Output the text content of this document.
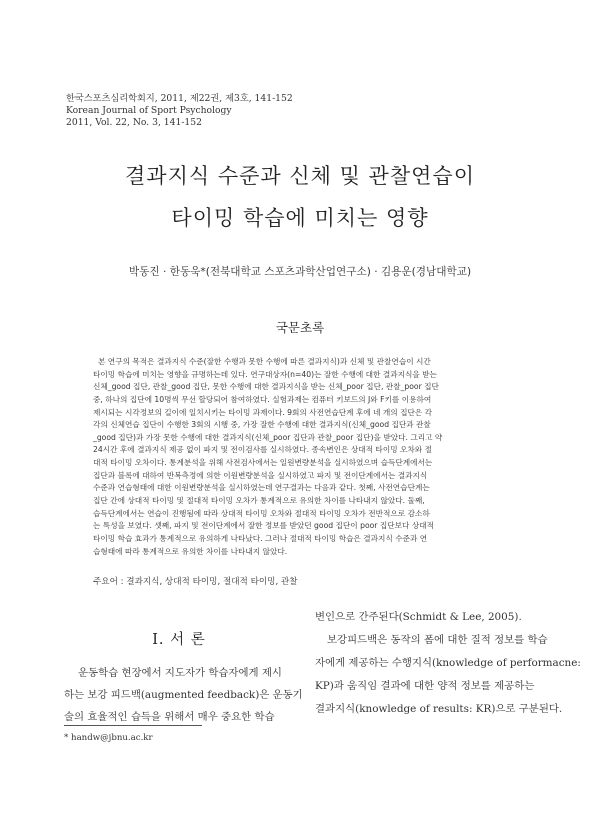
한국스포츠심리학회지, 2011, 제22권, 제3호, 141-152
Korean Journal of Sport Psychology
2011, Vol. 22, No. 3, 141-152
결과지식 수준과 신체 및 관찰연습이
타이밍 학습에 미치는 영향
박동진 · 한동욱*(전북대학교 스포츠과학산업연구소) · 김용운(경남대학교)
국문초록
본 연구의 목적은 결과지식 수준(잘한 수행과 못한 수행에 따른 결과지식)과 신체 및 관찰연습이 시간
타이밍 학습에 미치는 영향을 규명하는데 있다. 연구대상자(n=40)는 잘한 수행에 대한 결과지식을 받는
신체_good 집단, 관찰_good 집단, 못한 수행에 대한 결과지식을 받는 신체_poor 집단, 관찰_poor 집단
중, 하나의 집단에 10명씩 무선 할당되어 참여하였다. 실험과제는 컴퓨터 키보드의 J와 F키를 이용하여
제시되는 시각정보의 길이에 일치시키는 타이밍 과제이다. 9회의 사전연습단계 후에 네 개의 집단은 각
각의 신체연습 집단이 수행한 3회의 시행 중, 가장 잘한 수행에 대한 결과지식(신체_good 집단과 관찰
_good 집단)과 가장 못한 수행에 대한 결과지식(신체_poor 집단과 관찰_poor 집단)을 받았다. 그리고 약
24시간 후에 결과지식 제공 없이 파지 및 전이검사를 실시하였다. 종속변인은 상대적 타이밍 오차와 절
대적 타이밍 오차이다. 통계분석을 위해 사전검사에서는 일원변량분석을 실시하였으며 습득단계에서는
집단과 블록에 대하여 반복측정에 의한 이원변량분석을 실시하였고 파지 및 전이단계에서는 결과지식
수준과 연습형태에 대한 이원변량분석을 실시하였는데 연구결과는 다음과 같다. 첫째, 사전연습단계는
집단 간에 상대적 타이밍 및 절대적 타이밍 오차가 통계적으로 유의한 차이를 나타내지 않았다. 둘째,
습득단계에서는 연습이 진행됨에 따라 상대적 타이밍 오차와 절대적 타이밍 오차가 전반적으로 감소하
는 특성을 보였다. 셋째, 파지 및 전이단계에서 잘한 정보를 받았던 good 집단이 poor 집단보다 상대적
타이밍 학습 효과가 통계적으로 유의하게 나타났다. 그러나 절대적 타이밍 학습은 결과지식 수준과 연
습형태에 따라 통계적으로 유의한 차이를 나타내지 않았다.
주요어 : 결과지식, 상대적 타이밍, 절대적 타이밍, 관찰
I. 서 론
운동학습 현장에서 지도자가 학습자에게 제시
하는 보강 피드백(augmented feedback)은 운동기
술의 효율적인 습득을 위해서 매우 중요한 학습
변인으로 간주된다(Schmidt & Lee, 2005).
보강피드백은 동작의 폼에 대한 질적 정보를 학습
자에게 제공하는 수행지식(knowledge of performacne:
KP)과 움직임 결과에 대한 양적 정보를 제공하는
결과지식(knowledge of results: KR)으로 구분된다.
* handw@jbnu.ac.kr
